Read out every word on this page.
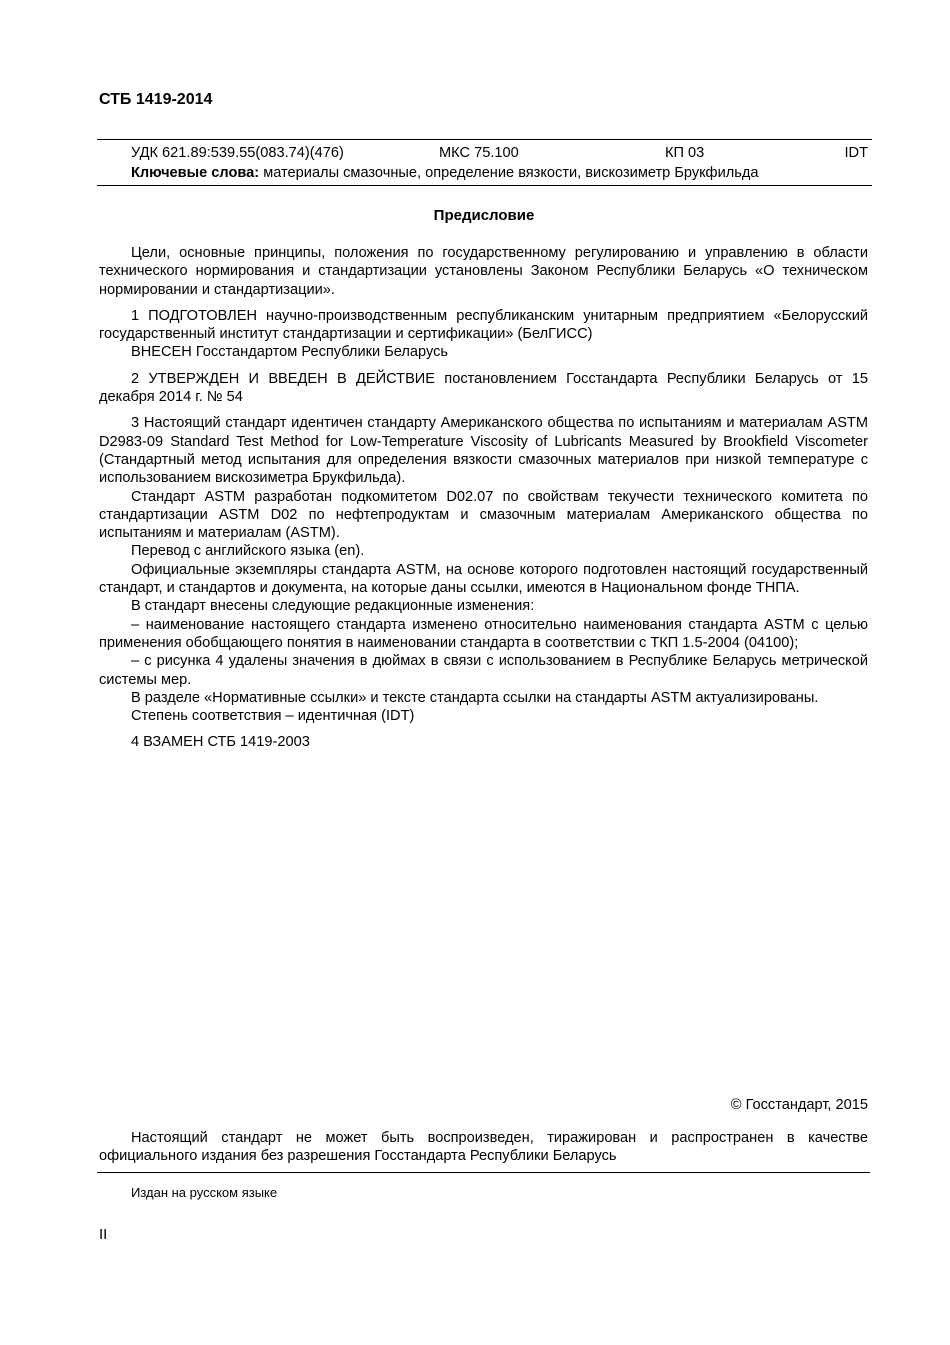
СТБ 1419-2014
УДК 621.89:539.55(083.74)(476)	МКС 75.100	КП 03	IDT
Ключевые слова: материалы смазочные, определение вязкости, вискозиметр Брукфильда
Предисловие

Цели, основные принципы, положения по государственному регулированию и управлению в области технического нормирования и стандартизации установлены Законом Республики Беларусь «О техническом нормировании и стандартизации».

1 ПОДГОТОВЛЕН научно-производственным республиканским унитарным предприятием «Белорусский государственный институт стандартизации и сертификации» (БелГИСС)

ВНЕСЕН Госстандартом Республики Беларусь

2 УТВЕРЖДЕН И ВВЕДЕН В ДЕЙСТВИЕ постановлением Госстандарта Республики Беларусь от 15 декабря 2014 г. № 54

3 Настоящий стандарт идентичен стандарту Американского общества по испытаниям и материалам ASTM D2983-09 Standard Test Method for Low-Temperature Viscosity of Lubricants Measured by Brookfield Viscometer (Стандартный метод испытания для определения вязкости смазочных материалов при низкой температуре с использованием вискозиметра Брукфильда).

Стандарт ASTM разработан подкомитетом D02.07 по свойствам текучести технического комитета по стандартизации ASTM D02 по нефтепродуктам и смазочным материалам Американского общества по испытаниям и материалам (ASTM).

Перевод с английского языка (en).

Официальные экземпляры стандарта ASTM, на основе которого подготовлен настоящий государственный стандарт, и стандартов и документа, на которые даны ссылки, имеются в Национальном фонде ТНПА.

В стандарт внесены следующие редакционные изменения:

– наименование настоящего стандарта изменено относительно наименования стандарта ASTM с целью применения обобщающего понятия в наименовании стандарта в соответствии с ТКП 1.5-2004 (04100);

– с рисунка 4 удалены значения в дюймах в связи с использованием в Республике Беларусь метрической системы мер.

В разделе «Нормативные ссылки» и тексте стандарта ссылки на стандарты ASTM актуализированы.

Степень соответствия – идентичная (IDT)

4 ВЗАМЕН СТБ 1419-2003

© Госстандарт, 2015
Настоящий стандарт не может быть воспроизведен, тиражирован и распространен в качестве официального издания без разрешения Госстандарта Республики Беларусь
Издан на русском языке
II
